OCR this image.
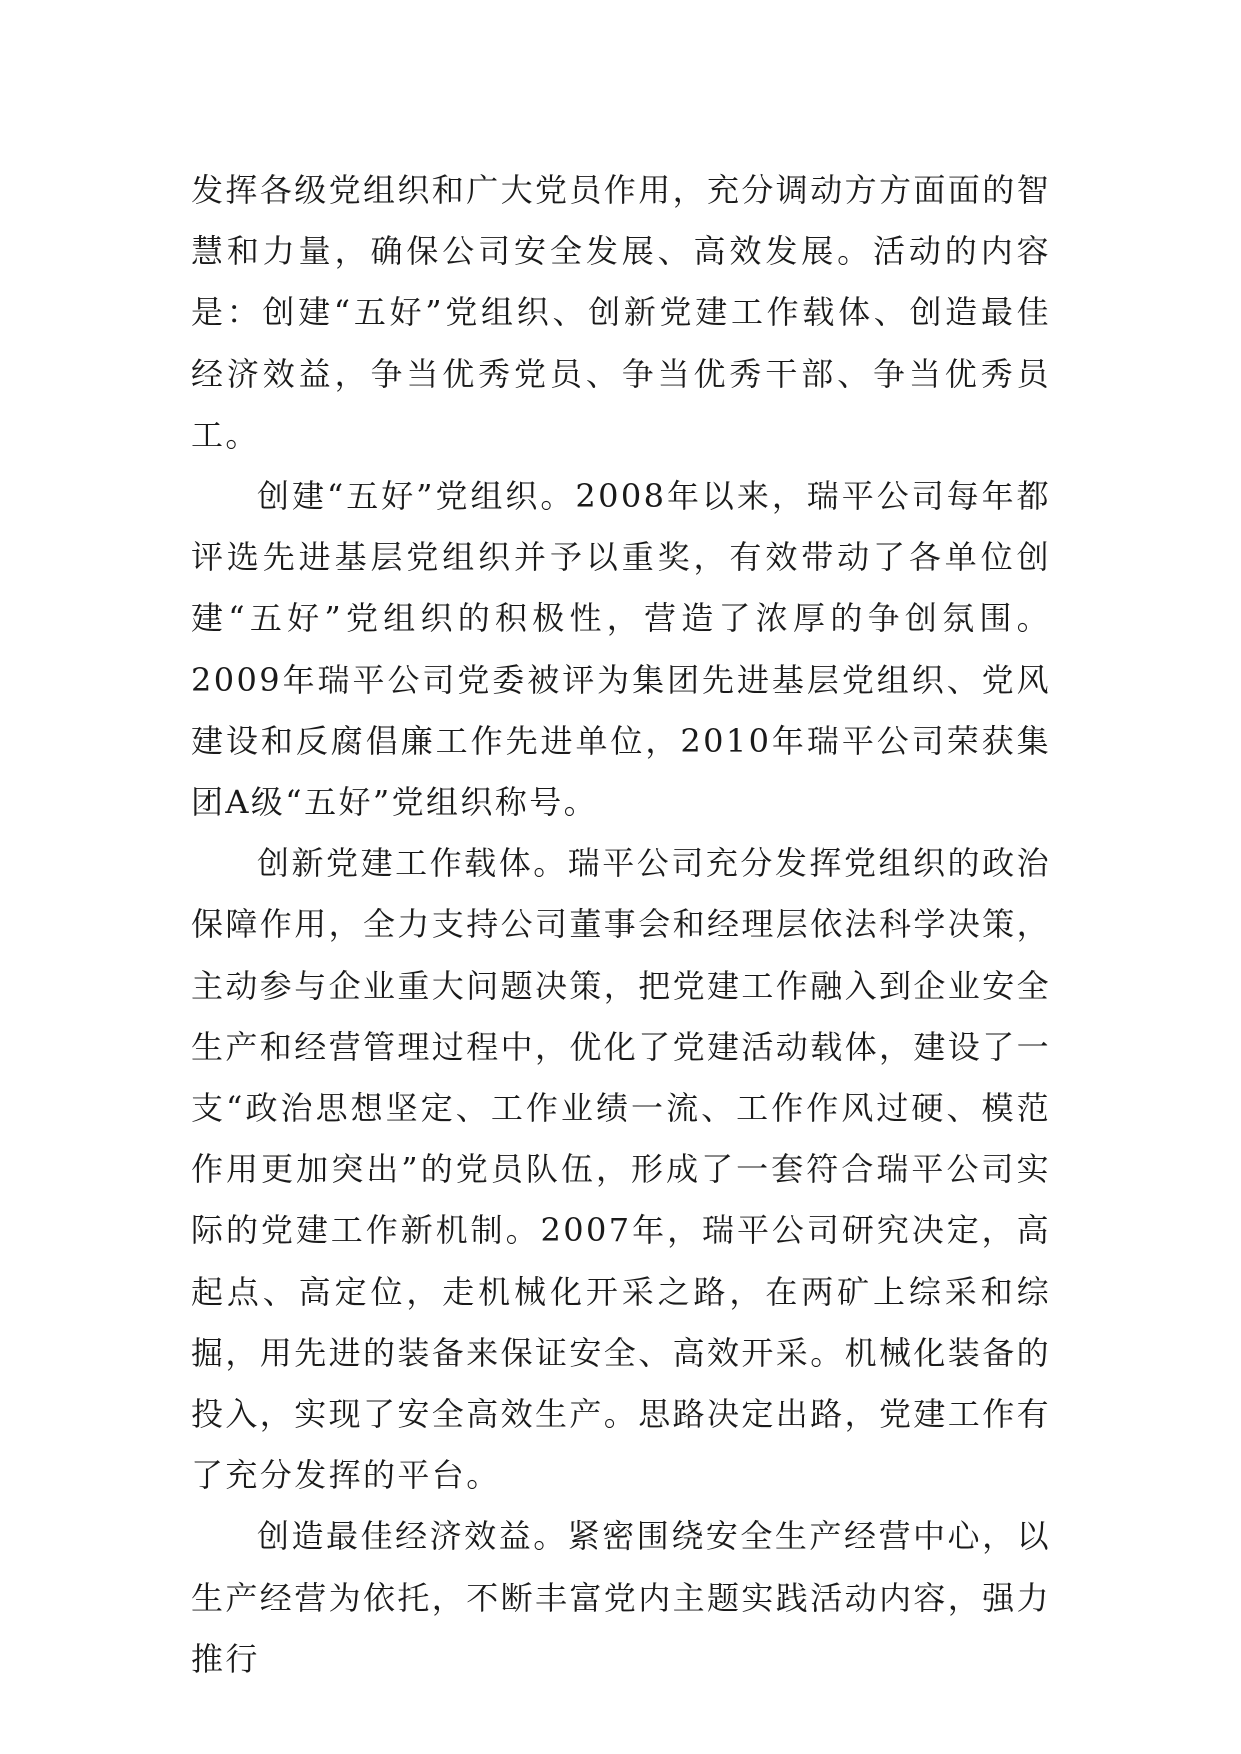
发挥各级党组织和广大党员作用，充分调动方方面面的智慧和力量，确保公司安全发展、高效发展。活动的内容是：创建“五好”党组织、创新党建工作载体、创造最佳经济效益，争当优秀党员、争当优秀干部、争当优秀员工。

创建“五好”党组织。2008年以来，瑞平公司每年都评选先进基层党组织并予以重奖，有效带动了各单位创建“五好”党组织的积极性，营造了浓厚的争创氛围。2009年瑞平公司党委被评为集团先进基层党组织、党风建设和反腐倡廉工作先进单位，2010年瑞平公司荣获集团A级“五好”党组织称号。

创新党建工作载体。瑞平公司充分发挥党组织的政治保障作用，全力支持公司董事会和经理层依法科学决策，主动参与企业重大问题决策，把党建工作融入到企业安全生产和经营管理过程中，优化了党建活动载体，建设了一支“政治思想坚定、工作业绩一流、工作作风过硬、模范作用更加突出”的党员队伍，形成了一套符合瑞平公司实际的党建工作新机制。2007年，瑞平公司研究决定，高起点、高定位，走机械化开采之路，在两矿上综采和综掘，用先进的装备来保证安全、高效开采。机械化装备的投入，实现了安全高效生产。思路决定出路，党建工作有了充分发挥的平台。

创造最佳经济效益。紧密围绕安全生产经营中心，以生产经营为依托，不断丰富党内主题实践活动内容，强力推行
